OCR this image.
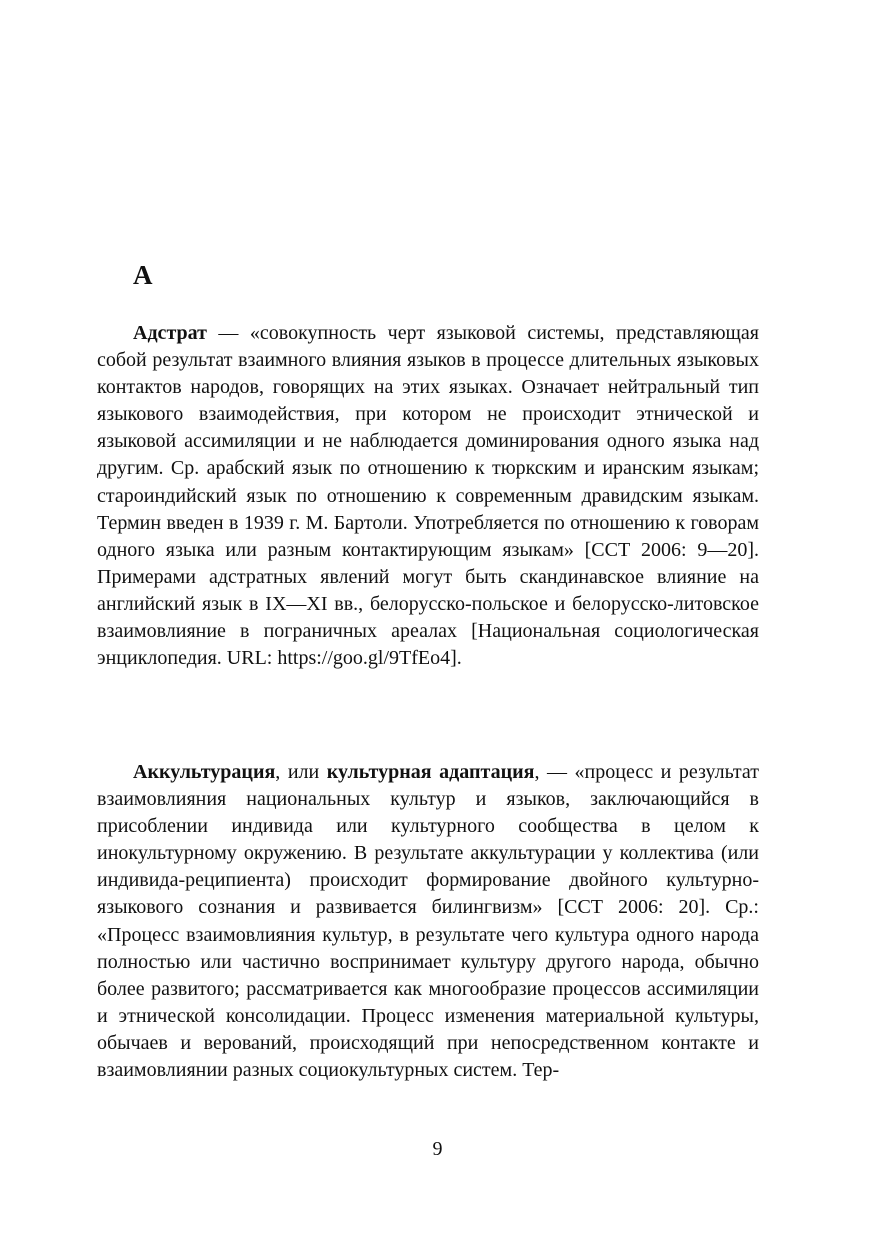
А

Адстрат — «совокупность черт языковой системы, представляющая собой результат взаимного влияния языков в процессе длительных языковых контактов народов, говорящих на этих языках. Означает нейтральный тип языкового взаимодействия, при котором не происходит этнической и языковой ассимиляции и не наблюдается доминирования одного языка над другим. Ср. арабский язык по отношению к тюркским и иранским языкам; староиндийский язык по отношению к современным дравидским языкам. Термин введен в 1939 г. М. Бартоли. Употребляется по отношению к говорам одного языка или разным контактирующим языкам» [ССТ 2006: 9—20]. Примерами адстратных явлений могут быть скандинавское влияние на английский язык в IX—XI вв., белорусско-польское и белорусско-литовское взаимовлияние в пограничных ареалах [Национальная социологическая энциклопедия. URL: https://goo.gl/9TfEo4].

Аккультурация, или культурная адаптация, — «процесс и результат взаимовлияния национальных культур и языков, заключающийся в присоблении индивида или культурного сообщества в целом к инокультурному окружению. В результате аккультурации у коллектива (или индивида-реципиента) происходит формирование двойного культурно-языкового сознания и развивается билингвизм» [ССТ 2006: 20]. Ср.: «Процесс взаимовлияния культур, в результате чего культура одного народа полностью или частично воспринимает культуру другого народа, обычно более развитого; рассматривается как многообразие процессов ассимиляции и этнической консолидации. Процесс изменения материальной культуры, обычаев и верований, происходящий при непосредственном контакте и взаимовлиянии разных социокультурных систем. Тер-

9
